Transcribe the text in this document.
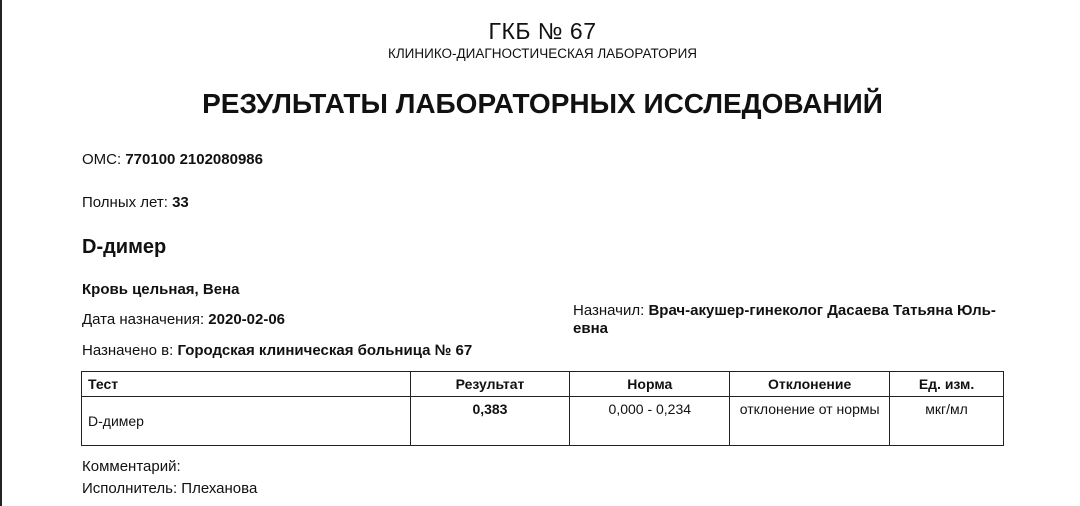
ГКБ № 67
КЛИНИКО-ДИАГНОСТИЧЕСКАЯ ЛАБОРАТОРИЯ
РЕЗУЛЬТАТЫ ЛАБОРАТОРНЫХ ИССЛЕДОВАНИЙ
ОМС: 770100 2102080986
Полных лет: 33
D-димер
Кровь цельная, Вена
Дата назначения: 2020-02-06
Назначено в: Городская клиническая больница № 67
Назначил: Врач-акушер-гинеколог Дасаева Татьяна Юльевна
Тест	Результат	Норма	Отклонение	Ед. изм.
D-димер	0,383	0,000 - 0,234	отклонение от нормы	мкг/мл
Комментарий:
Исполнитель: Плеханова
